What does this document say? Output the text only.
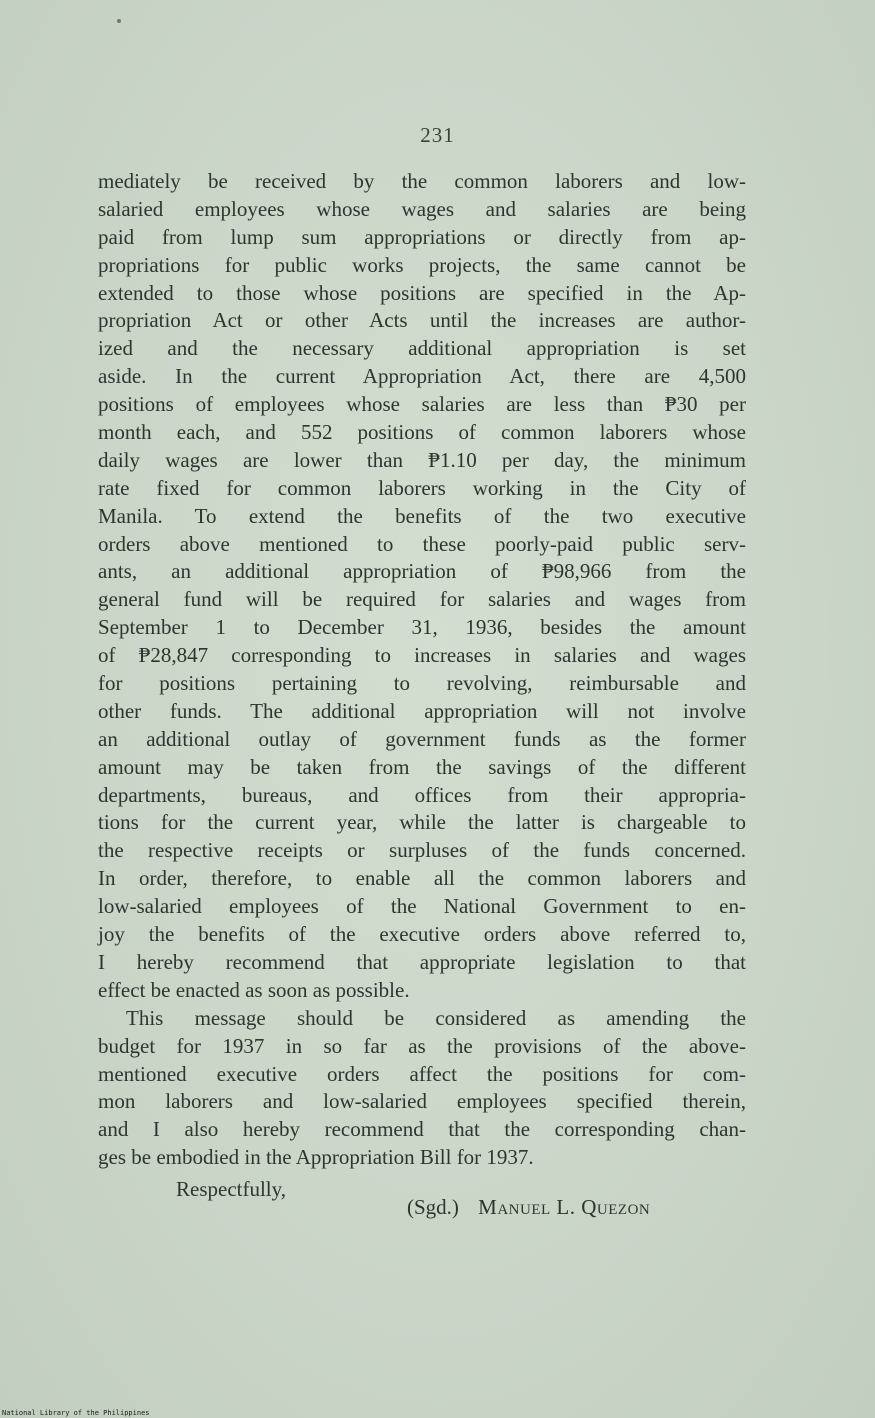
231
mediately be received by the common laborers and low-
salaried employees whose wages and salaries are being
paid from lump sum appropriations or directly from ap-
propriations for public works projects, the same cannot be
extended to those whose positions are specified in the Ap-
propriation Act or other Acts until the increases are author-
ized and the necessary additional appropriation is set
aside. In the current Appropriation Act, there are 4,500
positions of employees whose salaries are less than ₱30 per
month each, and 552 positions of common laborers whose
daily wages are lower than ₱1.10 per day, the minimum
rate fixed for common laborers working in the City of
Manila. To extend the benefits of the two executive
orders above mentioned to these poorly-paid public serv-
ants, an additional appropriation of ₱98,966 from the
general fund will be required for salaries and wages from
September 1 to December 31, 1936, besides the amount
of ₱28,847 corresponding to increases in salaries and wages
for positions pertaining to revolving, reimbursable and
other funds. The additional appropriation will not involve
an additional outlay of government funds as the former
amount may be taken from the savings of the different
departments, bureaus, and offices from their appropria-
tions for the current year, while the latter is chargeable to
the respective receipts or surpluses of the funds concerned.
In order, therefore, to enable all the common laborers and
low-salaried employees of the National Government to en-
joy the benefits of the executive orders above referred to,
I hereby recommend that appropriate legislation to that
effect be enacted as soon as possible.
This message should be considered as amending the
budget for 1937 in so far as the provisions of the above-
mentioned executive orders affect the positions for com-
mon laborers and low-salaried employees specified therein,
and I also hereby recommend that the corresponding chan-
ges be embodied in the Appropriation Bill for 1937.
Respectfully,
(Sgd.) Manuel L. Quezon
National Library of the Philippines
